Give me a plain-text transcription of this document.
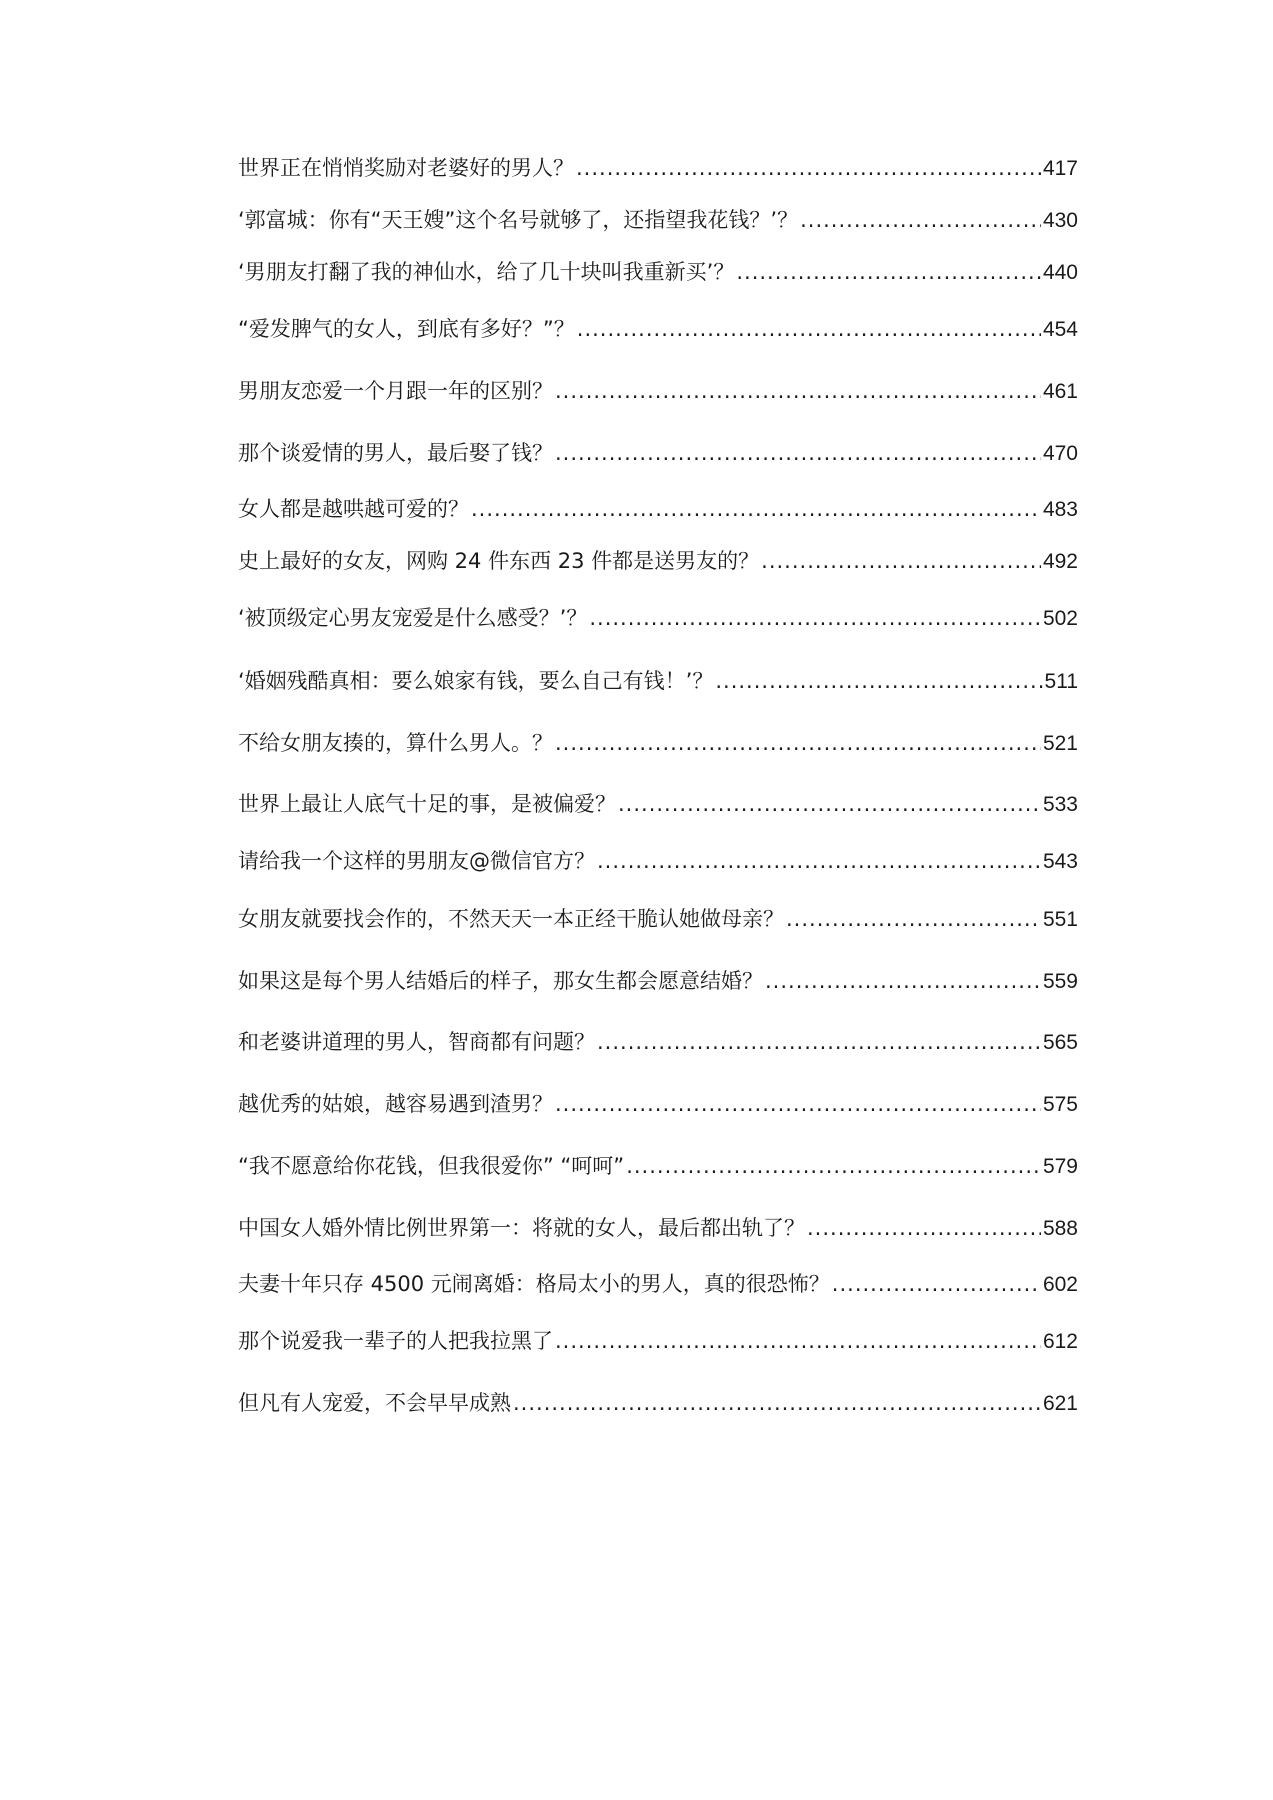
世界正在悄悄奖励对老婆好的男人？ .....	417
‘郭富城：你有“天王嫂”这个名号就够了，还指望我花钱？’？ .....	430
‘男朋友打翻了我的神仙水，给了几十块叫我重新买’？ .....	440
“爱发脾气的女人，到底有多好？”？ .....	454
男朋友恋爱一个月跟一年的区别？ .....	461
那个谈爱情的男人，最后娶了钱？ .....	470
女人都是越哄越可爱的？ .....	483
史上最好的女友，网购 24 件东西 23 件都是送男友的？ .....	492
‘被顶级定心男友宠爱是什么感受？’？ .....	502
‘婚姻残酷真相：要么娘家有钱，要么自己有钱！’？ .....	511
不给女朋友揍的，算什么男人。？ .....	521
世界上最让人底气十足的事，是被偏爱？ .....	533
请给我一个这样的男朋友@微信官方？ .....	543
女朋友就要找会作的，不然天天一本正经干脆认她做母亲？ .....	551
如果这是每个男人结婚后的样子，那女生都会愿意结婚？ .....	559
和老婆讲道理的男人，智商都有问题？ .....	565
越优秀的姑娘，越容易遇到渣男？ .....	575
“我不愿意给你花钱，但我很爱你” “呵呵” .....	579
中国女人婚外情比例世界第一：将就的女人，最后都出轨了？ .....	588
夫妻十年只存 4500 元闹离婚：格局太小的男人，真的很恐怖？ .....	602
那个说爱我一辈子的人把我拉黑了 .....	612
但凡有人宠爱，不会早早成熟 .....	621
